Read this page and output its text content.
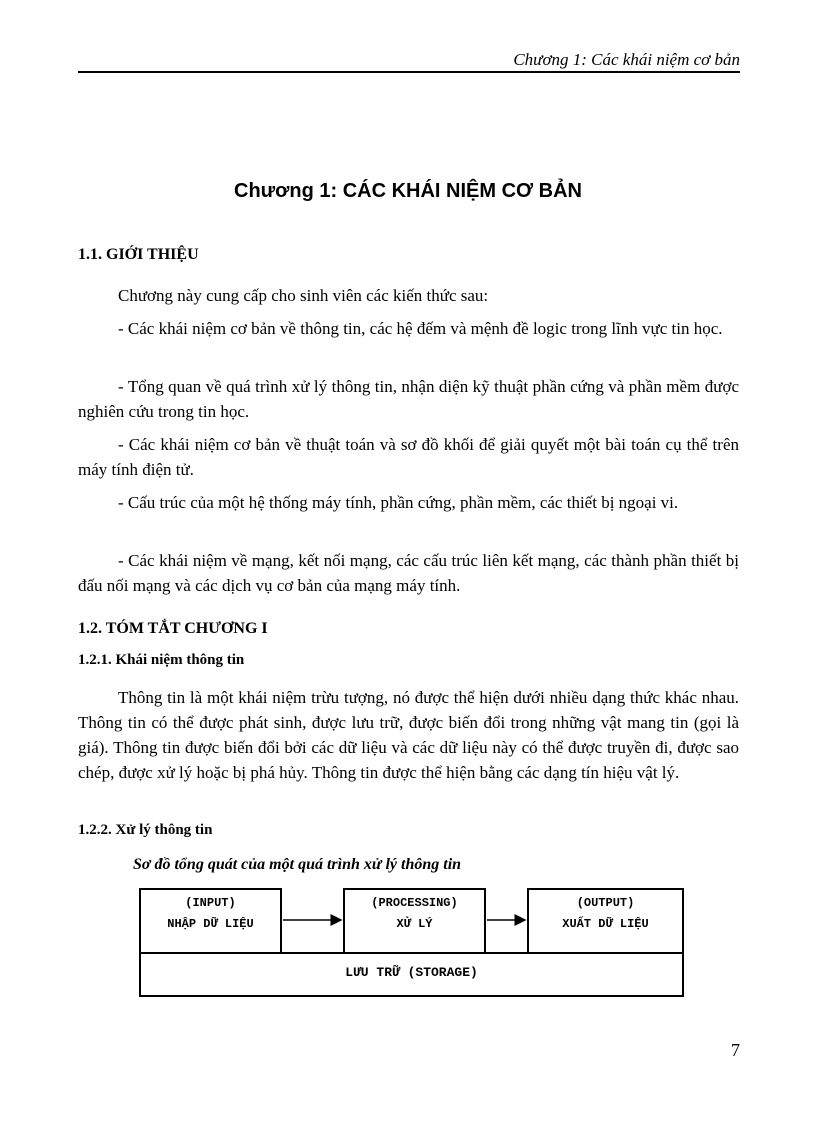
Chương 1: Các khái niệm cơ bản
Chương 1: CÁC KHÁI NIỆM CƠ BẢN
1.1. GIỚI THIỆU
Chương này cung cấp cho sinh viên các kiến thức sau:
- Các khái niệm cơ bản về thông tin, các hệ đếm và mệnh đề logic trong lĩnh vực tin học.
- Tổng quan về quá trình xử lý thông tin, nhận diện kỹ thuật phần cứng và phần mềm được nghiên cứu trong tin học.
- Các khái niệm cơ bản về thuật toán và sơ đồ khối để giải quyết một bài toán cụ thể trên máy tính điện tử.
- Cấu trúc của một hệ thống máy tính, phần cứng, phần mềm, các thiết bị ngoại vi.
- Các khái niệm về mạng, kết nối mạng, các cấu trúc liên kết mạng, các thành phần thiết bị đấu nối mạng và các dịch vụ cơ bản của mạng máy tính.
1.2. TÓM TẮT CHƯƠNG I
1.2.1. Khái niệm thông tin
Thông tin là một khái niệm trừu tượng, nó được thể hiện dưới nhiều dạng thức khác nhau. Thông tin có thể được phát sinh, được lưu trữ, được biến đổi trong những vật mang tin (gọi là giá). Thông tin được biến đổi bởi các dữ liệu và các dữ liệu này có thể được truyền đi, được sao chép, được xử lý hoặc bị phá hủy. Thông tin được thể hiện bằng các dạng tín hiệu vật lý.
1.2.2. Xử lý thông tin
Sơ đồ tổng quát của một quá trình xử lý thông tin
(INPUT)
NHẬP DỮ LIỆU
(PROCESSING)
XỬ LÝ
(OUTPUT)
XUẤT DỮ LIỆU
LƯU TRỮ (STORAGE)
7
